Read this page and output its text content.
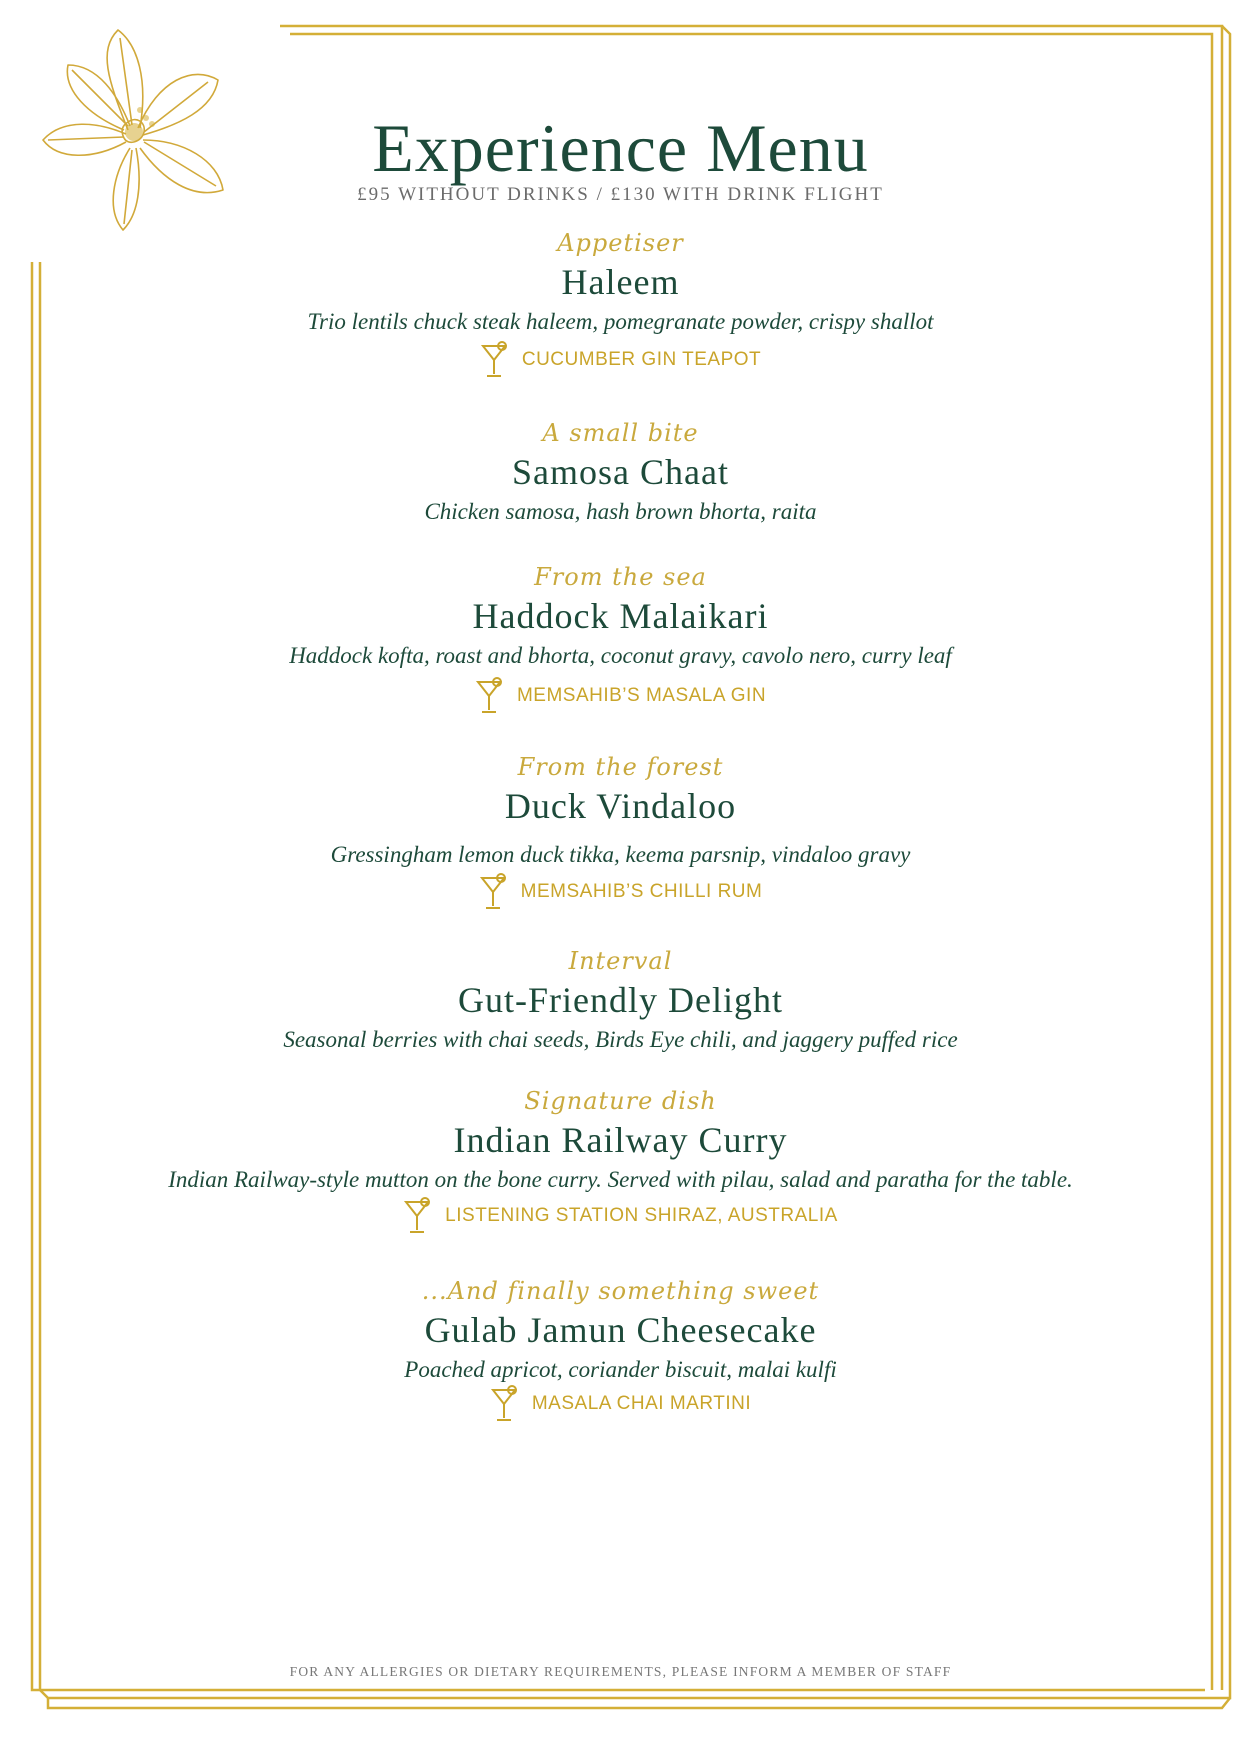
Experience Menu
£95 WITHOUT DRINKS / £130 WITH DRINK FLIGHT
Appetiser
Haleem
Trio lentils chuck steak haleem, pomegranate powder, crispy shallot
CUCUMBER GIN TEAPOT
A small bite
Samosa Chaat
Chicken samosa, hash brown bhorta, raita
From the sea
Haddock Malaikari
Haddock kofta, roast and bhorta, coconut gravy, cavolo nero, curry leaf
MEMSAHIB’S MASALA GIN
From the forest
Duck Vindaloo
Gressingham lemon duck tikka, keema parsnip, vindaloo gravy
MEMSAHIB’S CHILLI RUM
Interval
Gut-Friendly Delight
Seasonal berries with chai seeds, Birds Eye chili, and jaggery puffed rice
Signature dish
Indian Railway Curry
Indian Railway-style mutton on the bone curry. Served with pilau, salad and paratha for the table.
LISTENING STATION SHIRAZ, AUSTRALIA
...And finally something sweet
Gulab Jamun Cheesecake
Poached apricot, coriander biscuit, malai kulfi
MASALA CHAI MARTINI
FOR ANY ALLERGIES OR DIETARY REQUIREMENTS, PLEASE INFORM A MEMBER OF STAFF
